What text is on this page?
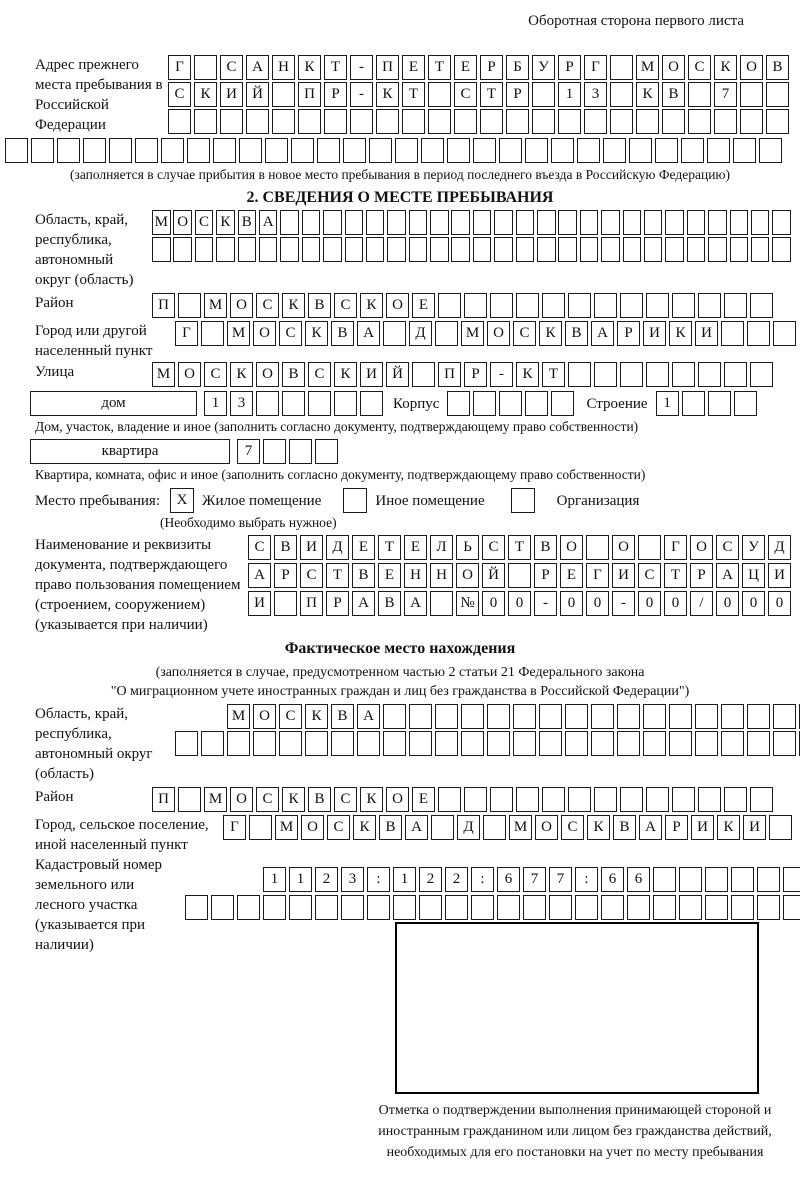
Оборотная сторона первого листа
Адрес прежнего места пребывания в Российской Федерации
Г	С	А	Н	К	Т	-	П	Е	Т	Е	Р	Б	У	Р	Г	М О	С	К	О	В
С	К	И	Й	П	Р	-	К	Т	С	Т	Р	1	3	К	В	7
(заполняется в случае прибытия в новое место пребывания в период последнего въезда в Российскую Федерацию)
2. СВЕДЕНИЯ О МЕСТЕ ПРЕБЫВАНИЯ
Область, край, республика, автономный округ (область)
М О С К В А
Район	П	М О	С	К	В	С	К	О	Е
Город или другой населенный пункт
Г	М О	С	К	В	А	Д	М О	С	К	В	А	Р	И	К	И
Улица	М О	С	К	О	В	С	К	И	Й	П	Р	-	К	Т
дом	1	3	Корпус	Строение	1
Дом, участок, владение и иное (заполнить согласно документу, подтверждающему право собственности)
квартира	7
Квартира, комната, офис и иное (заполнить согласно документу, подтверждающему право собственности)
Место пребывания:	X Жилое помещение	Иное помещение	Организация
(Необходимо выбрать нужное)
Наименование и реквизиты документа, подтверждающего право пользования помещением (строением, сооружением) (указывается при наличии)
С	В	И	Д	Е	Т	Е	Л	Ь	С	Т	В	О	О	Г	О	С	У	Д
А	Р	С	Т	В	Е	Н	Н	О	Й	Р	Е	Г	И	С	Т	Р	А	Ц	И
И	П	Р	А	В	А	№	0	0	-	0	0	-	0	0	/	0	0	0
Фактическое место нахождения
(заполняется в случае, предусмотренном частью 2 статьи 21 Федерального закона
"О миграционном учете иностранных граждан и лиц без гражданства в Российской Федерации")
Область, край, республика, автономный округ (область)
М О	С	К	В	А
Район	П	М О	С	К	В	С	К	О	Е
Город, сельское поселение, иной населенный пункт
Г	М О	С	К	В	А	Д	М О	С	К	В	А	Р	И	К	И
Кадастровый номер земельного или лесного участка (указывается при наличии)
1	1	2	3	:	1	2	2	:	6	7	7	:	6	6
Отметка о подтверждении выполнения принимающей стороной и иностранным гражданином или лицом без гражданства действий, необходимых для его постановки на учет по месту пребывания
